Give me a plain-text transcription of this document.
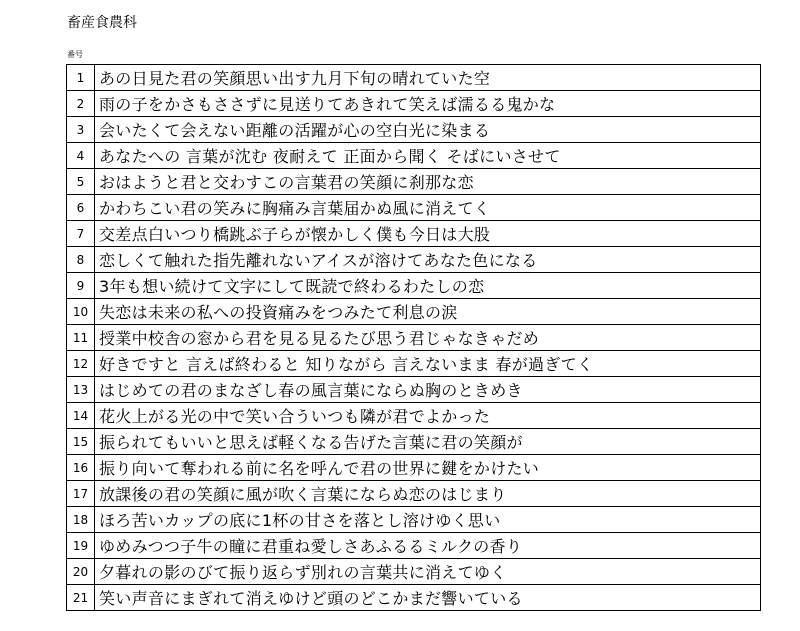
畜産食農科
番号
1	あの日見た君の笑顔思い出す九月下旬の晴れていた空
2	雨の子をかさもささずに見送りてあきれて笑えば濡るる鬼かな
3	会いたくて会えない距離の活躍が心の空白光に染まる
4	あなたへの 言葉が沈む 夜耐えて 正面から聞く そばにいさせて
5	おはようと君と交わすこの言葉君の笑顔に刹那な恋
6	かわちこい君の笑みに胸痛み言葉届かぬ風に消えてく
7	交差点白いつり橋跳ぶ子らが懐かしく僕も今日は大股
8	恋しくて触れた指先離れないアイスが溶けてあなた色になる
9	3年も想い続けて文字にして既読で終わるわたしの恋
10	失恋は未来の私への投資痛みをつみたて利息の涙
11	授業中校舎の窓から君を見る見るたび思う君じゃなきゃだめ
12	好きですと 言えば終わると 知りながら 言えないまま 春が過ぎてく
13	はじめての君のまなざし春の風言葉にならぬ胸のときめき
14	花火上がる光の中で笑い合ういつも隣が君でよかった
15	振られてもいいと思えば軽くなる告げた言葉に君の笑顔が
16	振り向いて奪われる前に名を呼んで君の世界に鍵をかけたい
17	放課後の君の笑顔に風が吹く言葉にならぬ恋のはじまり
18	ほろ苦いカップの底に1杯の甘さを落とし溶けゆく思い
19	ゆめみつつ子牛の瞳に君重ね愛しさあふるるミルクの香り
20	夕暮れの影のびて振り返らず別れの言葉共に消えてゆく
21	笑い声音にまぎれて消えゆけど頭のどこかまだ響いている
